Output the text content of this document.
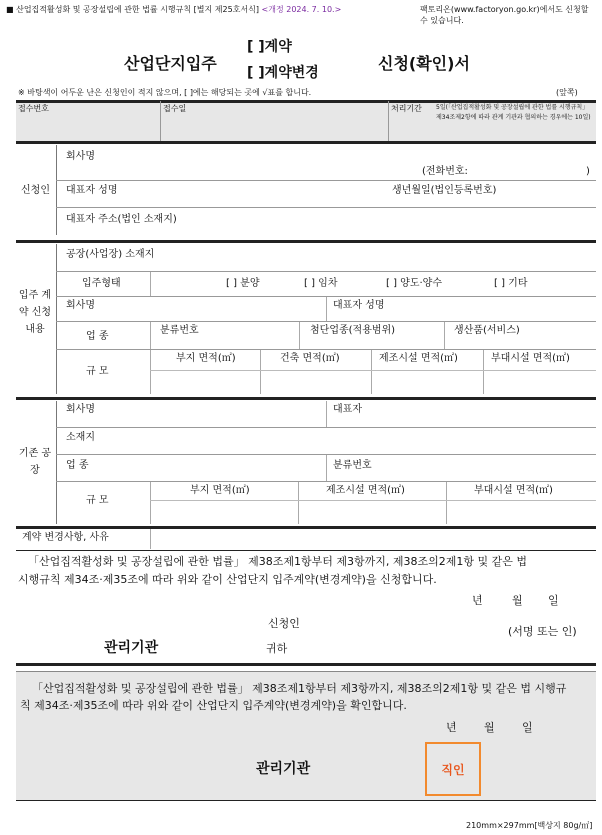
■ 산업집적활성화 및 공장설립에 관한 법률 시행규칙 [별지 제25호서식] <개정 2024. 7. 10.>	팩토리온(www.factoryon.go.kr)에서도 신청할 수 있습니다.
산업단지입주
[ ]계약
[ ]계약변경	신청(확인)서
※ 바탕색이 어두운 난은 신청인이 적지 않으며, [ ]에는 해당되는 곳에 √표를 합니다.	(앞쪽)
접수번호	접수일	처리기간 5일(「산업집적활성화 및 공장설립에 관한 법률 시행규칙」 제34조제2항에 따라 관계 기관과 협의하는 경우에는 10일)
신청인
회사명
(전화번호:	)
대표자 성명	생년월일(법인등록번호)
대표자 주소(법인 소재지)
입주 계약 신청 내용
공장(사업장) 소재지
입주형태	[ ] 분양	[ ] 임차	[ ] 양도·양수	[ ] 기타
회사명	대표자 성명
업 종
분류번호	첨단업종(적용범위)	생산품(서비스)
규 모
부지 면적(㎡)	건축 면적(㎡)	제조시설 면적(㎡)	부대시설 면적(㎡)
기존 공장
회사명	대표자
소재지
업 종	분류번호
규 모
부지 면적(㎡)	제조시설 면적(㎡)	부대시설 면적(㎡)
계약 변경사항, 사유
「산업집적활성화 및 공장설립에 관한 법률」 제38조제1항부터 제3항까지, 제38조의2제1항 및 같은 법
시행규칙 제34조·제35조에 따라 위와 같이 산업단지 입주계약(변경계약)을 신청합니다.
년	월 일
신청인
(서명 또는 인)
관리기관	귀하
「산업집적활성화 및 공장설립에 관한 법률」 제38조제1항부터 제3항까지, 제38조의2제1항 및 같은 법 시행규
칙 제34조·제35조에 따라 위와 같이 산업단지 입주계약(변경계약)을 확인합니다.
년 월 일
관리기관	직인
210mm×297mm[백상지 80g/㎡]
